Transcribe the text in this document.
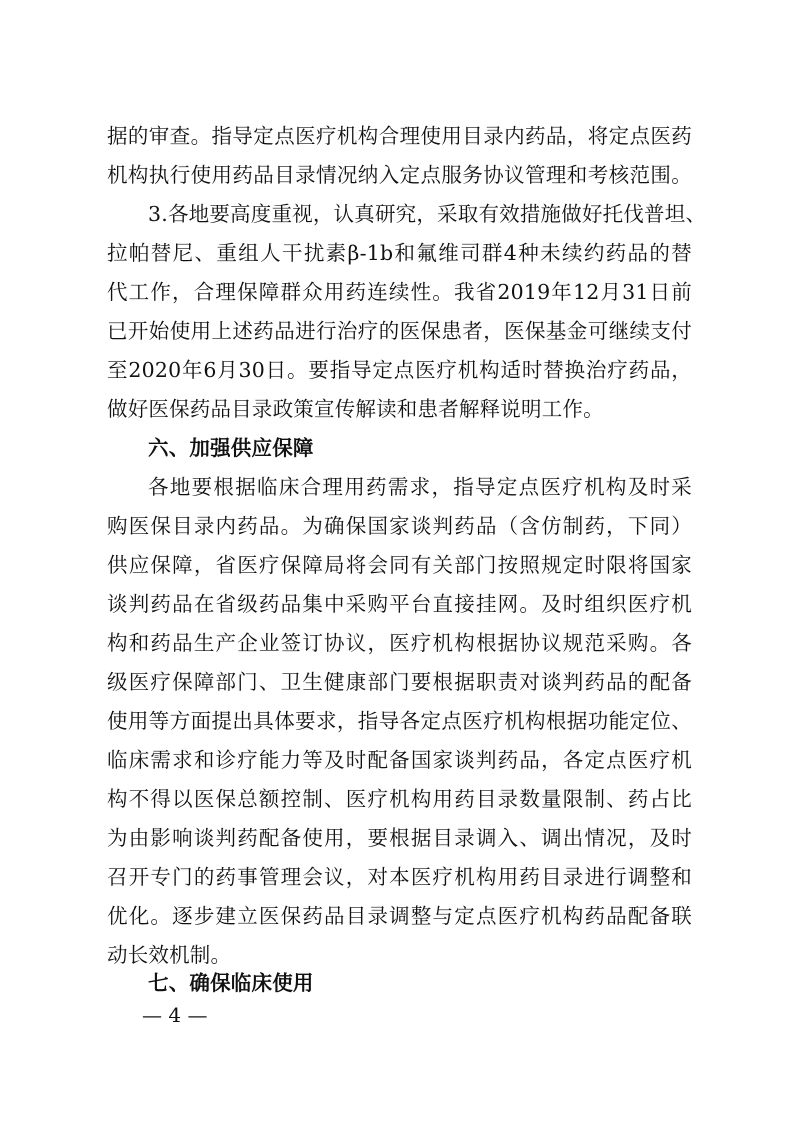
据的审查。指导定点医疗机构合理使用目录内药品，将定点医药
机构执行使用药品目录情况纳入定点服务协议管理和考核范围。
3.各地要高度重视，认真研究，采取有效措施做好托伐普坦、
拉帕替尼、重组人干扰素β-1b和氟维司群4种未续约药品的替
代工作，合理保障群众用药连续性。我省2019年12月31日前
已开始使用上述药品进行治疗的医保患者，医保基金可继续支付
至2020年6月30日。要指导定点医疗机构适时替换治疗药品，
做好医保药品目录政策宣传解读和患者解释说明工作。
六、加强供应保障
各地要根据临床合理用药需求，指导定点医疗机构及时采
购医保目录内药品。为确保国家谈判药品（含仿制药，下同）
供应保障，省医疗保障局将会同有关部门按照规定时限将国家
谈判药品在省级药品集中采购平台直接挂网。及时组织医疗机
构和药品生产企业签订协议，医疗机构根据协议规范采购。各
级医疗保障部门、卫生健康部门要根据职责对谈判药品的配备
使用等方面提出具体要求，指导各定点医疗机构根据功能定位、
临床需求和诊疗能力等及时配备国家谈判药品，各定点医疗机
构不得以医保总额控制、医疗机构用药目录数量限制、药占比
为由影响谈判药配备使用，要根据目录调入、调出情况，及时
召开专门的药事管理会议，对本医疗机构用药目录进行调整和
优化。逐步建立医保药品目录调整与定点医疗机构药品配备联
动长效机制。
七、确保临床使用
— 4 —
